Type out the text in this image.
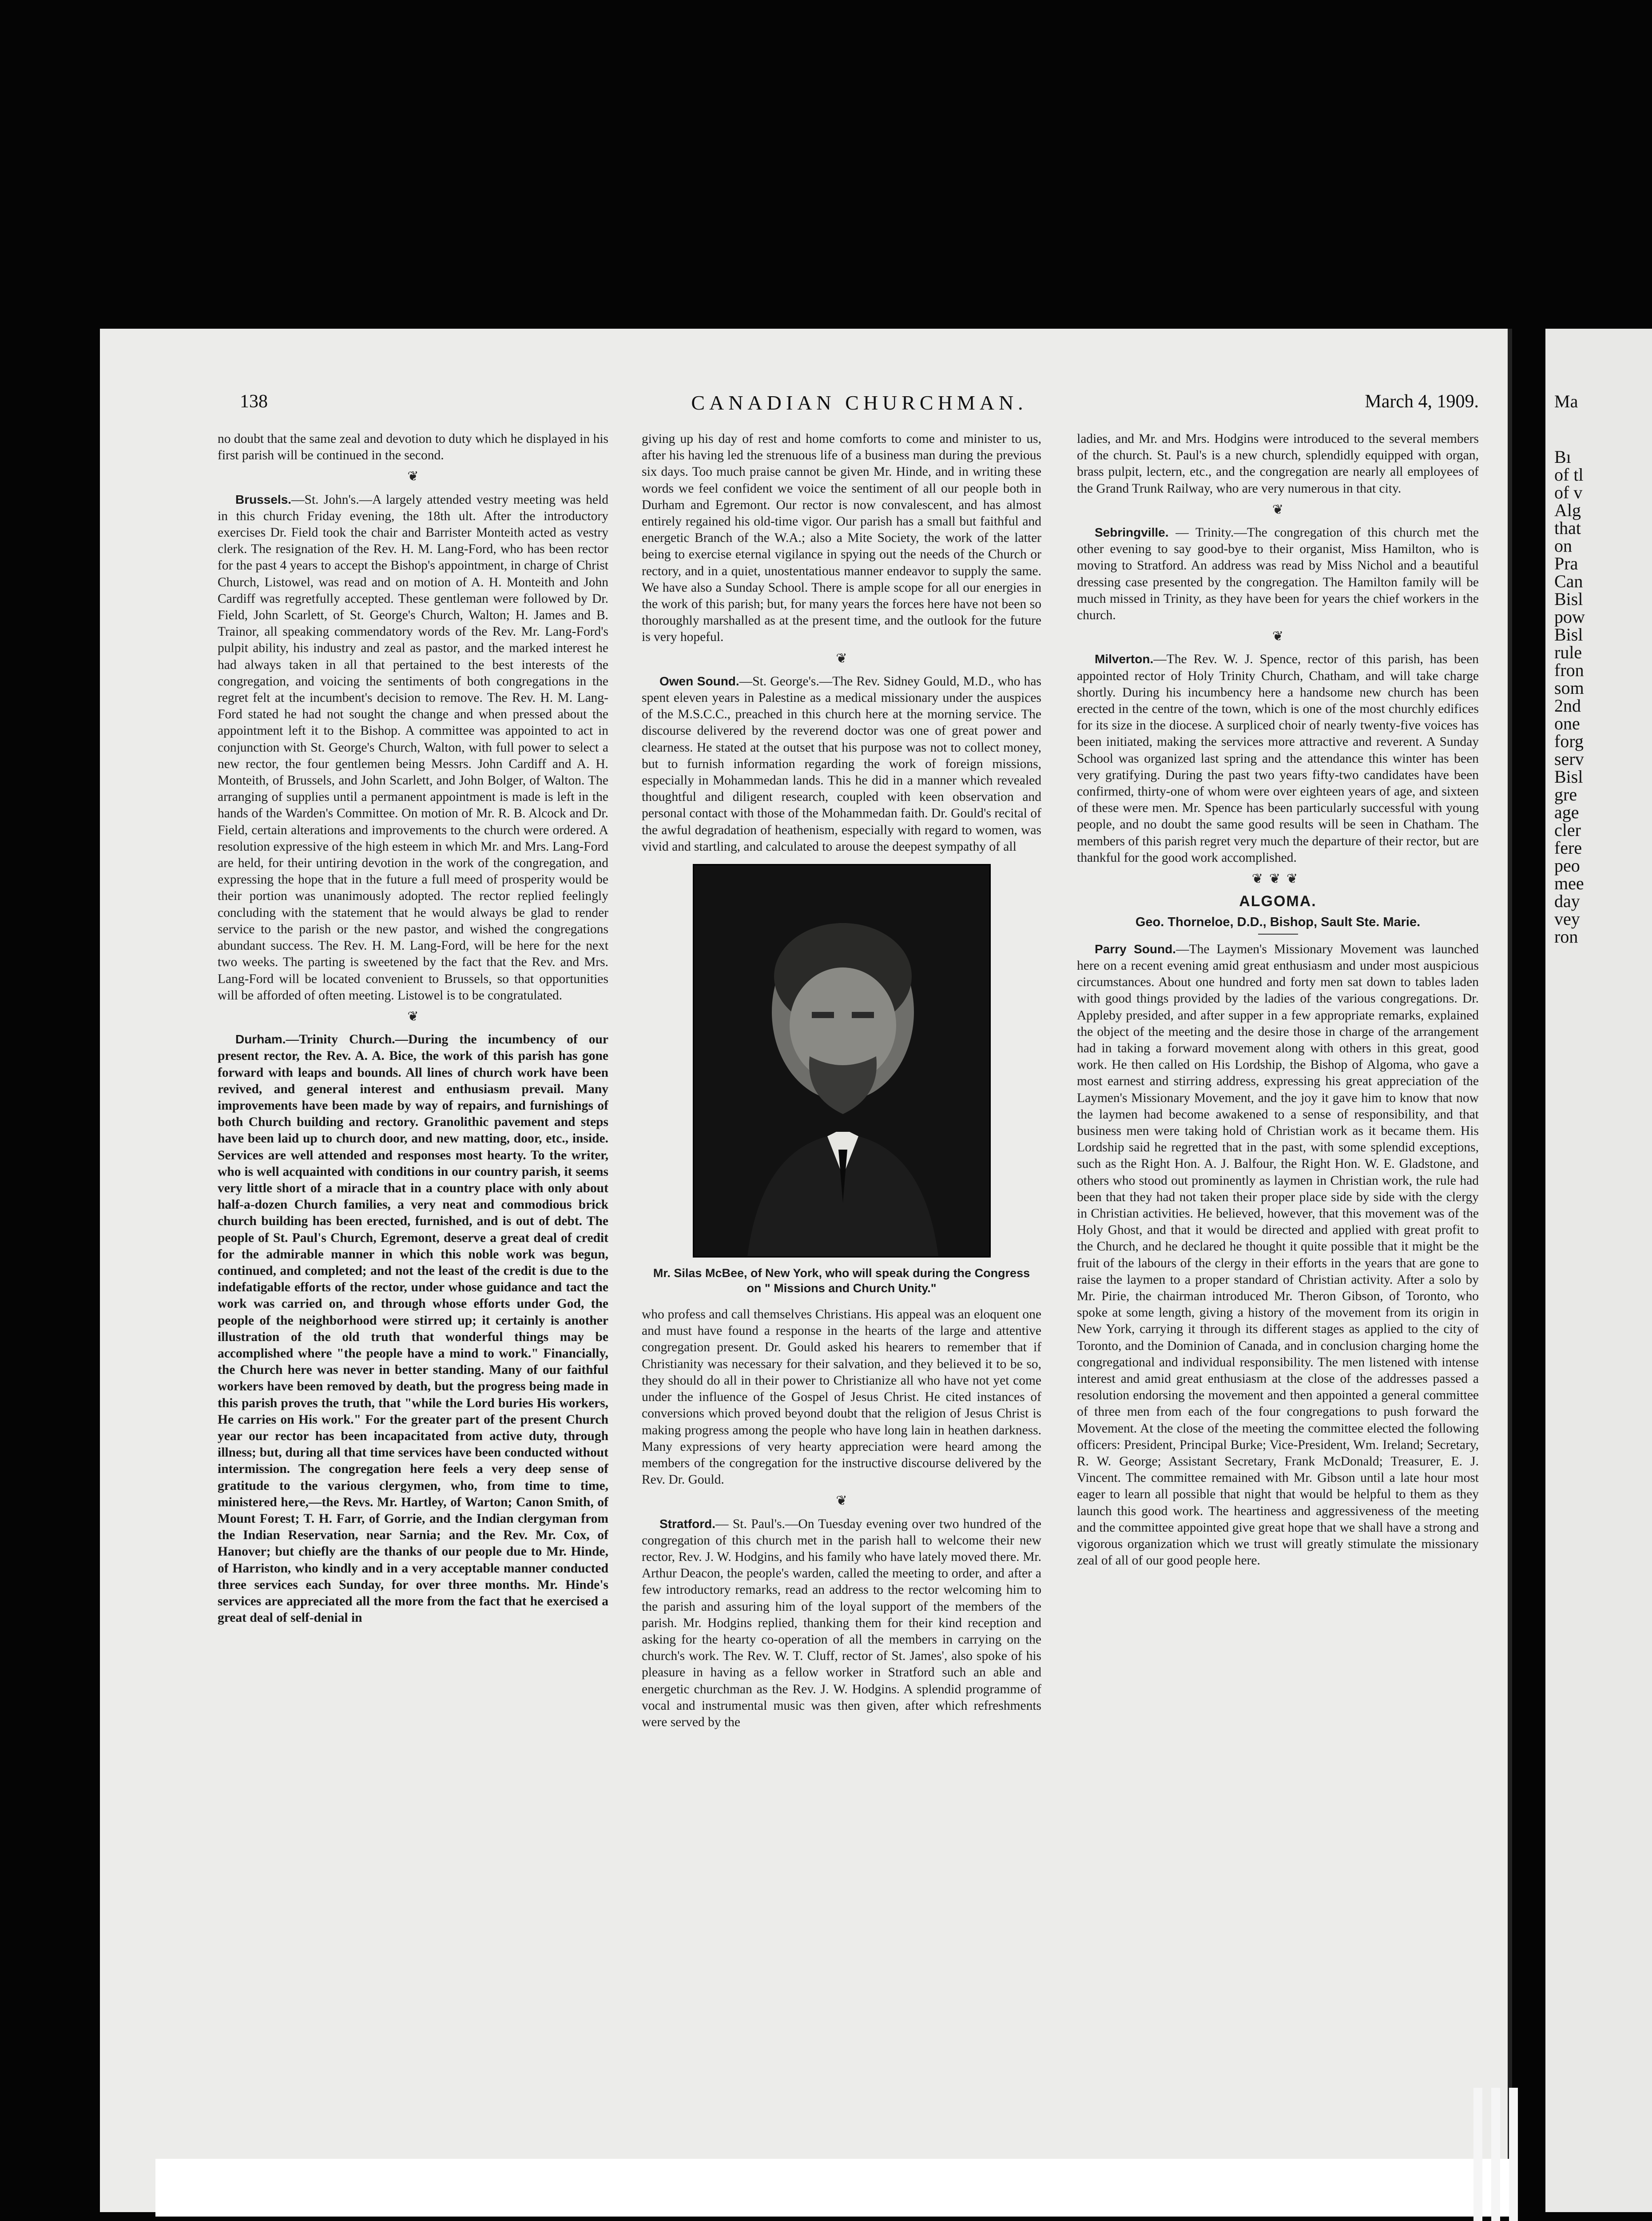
Ma
Bı
of tl
of v
Alg
that
on
Pra
Can
Bisl
pow
Bisl
rule
fron
som
2nd
one
forg
serv
Bisl
gre
age
cler
fere
peo
mee
day
vey
ron
138	CANADIAN CHURCHMAN.	March 4, 1909.

no doubt that the same zeal and devotion to duty which he displayed in his first parish will be continued in the second.

❦

Brussels.—St. John's.—A largely attended vestry meeting was held in this church Friday evening, the 18th ult. After the introductory exercises Dr. Field took the chair and Barrister Monteith acted as vestry clerk. The resignation of the Rev. H. M. Lang-Ford, who has been rector for the past 4 years to accept the Bishop's appointment, in charge of Christ Church, Listowel, was read and on motion of A. H. Monteith and John Cardiff was regretfully accepted. These gentleman were followed by Dr. Field, John Scarlett, of St. George's Church, Walton; H. James and B. Trainor, all speaking commendatory words of the Rev. Mr. Lang-Ford's pulpit ability, his industry and zeal as pastor, and the marked interest he had always taken in all that pertained to the best interests of the congregation, and voicing the sentiments of both congregations in the regret felt at the incumbent's decision to remove. The Rev. H. M. Lang-Ford stated he had not sought the change and when pressed about the appointment left it to the Bishop. A committee was appointed to act in conjunction with St. George's Church, Walton, with full power to select a new rector, the four gentlemen being Messrs. John Cardiff and A. H. Monteith, of Brussels, and John Scarlett, and John Bolger, of Walton. The arranging of supplies until a permanent appointment is made is left in the hands of the Warden's Committee. On motion of Mr. R. B. Alcock and Dr. Field, certain alterations and improvements to the church were ordered. A resolution expressive of the high esteem in which Mr. and Mrs. Lang-Ford are held, for their untiring devotion in the work of the congregation, and expressing the hope that in the future a full meed of prosperity would be their portion was unanimously adopted. The rector replied feelingly concluding with the statement that he would always be glad to render service to the parish or the new pastor, and wished the congregations abundant success. The Rev. H. M. Lang-Ford, will be here for the next two weeks. The parting is sweetened by the fact that the Rev. and Mrs. Lang-Ford will be located convenient to Brussels, so that opportunities will be afforded of often meeting. Listowel is to be congratulated.

❦

Durham.—Trinity Church.—During the incumbency of our present rector, the Rev. A. A. Bice, the work of this parish has gone forward with leaps and bounds. All lines of church work have been revived, and general interest and enthusiasm prevail. Many improvements have been made by way of repairs, and furnishings of both Church building and rectory. Granolithic pavement and steps have been laid up to church door, and new matting, door, etc., inside. Services are well attended and responses most hearty. To the writer, who is well acquainted with conditions in our country parish, it seems very little short of a miracle that in a country place with only about half-a-dozen Church families, a very neat and commodious brick church building has been erected, furnished, and is out of debt. The people of St. Paul's Church, Egremont, deserve a great deal of credit for the admirable manner in which this noble work was begun, continued, and completed; and not the least of the credit is due to the indefatigable efforts of the rector, under whose guidance and tact the work was carried on, and through whose efforts under God, the people of the neighborhood were stirred up; it certainly is another illustration of the old truth that wonderful things may be accomplished where "the people have a mind to work." Financially, the Church here was never in better standing. Many of our faithful workers have been removed by death, but the progress being made in this parish proves the truth, that "while the Lord buries His workers, He carries on His work." For the greater part of the present Church year our rector has been incapacitated from active duty, through illness; but, during all that time services have been conducted without intermission. The congregation here feels a very deep sense of gratitude to the various clergymen, who, from time to time, ministered here,—the Revs. Mr. Hartley, of Warton; Canon Smith, of Mount Forest; T. H. Farr, of Gorrie, and the Indian clergyman from the Indian Reservation, near Sarnia; and the Rev. Mr. Cox, of Hanover; but chiefly are the thanks of our people due to Mr. Hinde, of Harriston, who kindly and in a very acceptable manner conducted three services each Sunday, for over three months. Mr. Hinde's services are appreciated all the more from the fact that he exercised a great deal of self-denial in

giving up his day of rest and home comforts to come and minister to us, after his having led the strenuous life of a business man during the previous six days. Too much praise cannot be given Mr. Hinde, and in writing these words we feel confident we voice the sentiment of all our people both in Durham and Egremont. Our rector is now convalescent, and has almost entirely regained his old-time vigor. Our parish has a small but faithful and energetic Branch of the W.A.; also a Mite Society, the work of the latter being to exercise eternal vigilance in spying out the needs of the Church or rectory, and in a quiet, unostentatious manner endeavor to supply the same. We have also a Sunday School. There is ample scope for all our energies in the work of this parish; but, for many years the forces here have not been so thoroughly marshalled as at the present time, and the outlook for the future is very hopeful.

❦

Owen Sound.—St. George's.—The Rev. Sidney Gould, M.D., who has spent eleven years in Palestine as a medical missionary under the auspices of the M.S.C.C., preached in this church here at the morning service. The discourse delivered by the reverend doctor was one of great power and clearness. He stated at the outset that his purpose was not to collect money, but to furnish information regarding the work of foreign missions, especially in Mohammedan lands. This he did in a manner which revealed thoughtful and diligent research, coupled with keen observation and personal contact with those of the Mohammedan faith. Dr. Gould's recital of the awful degradation of heathenism, especially with regard to women, was vivid and startling, and calculated to arouse the deepest sympathy of all

Mr. Silas McBee, of New York, who will speak during the Congress on " Missions and Church Unity."

who profess and call themselves Christians. His appeal was an eloquent one and must have found a response in the hearts of the large and attentive congregation present. Dr. Gould asked his hearers to remember that if Christianity was necessary for their salvation, and they believed it to be so, they should do all in their power to Christianize all who have not yet come under the influence of the Gospel of Jesus Christ. He cited instances of conversions which proved beyond doubt that the religion of Jesus Christ is making progress among the people who have long lain in heathen darkness. Many expressions of very hearty appreciation were heard among the members of the congregation for the instructive discourse delivered by the Rev. Dr. Gould.

❦

Stratford.— St. Paul's.—On Tuesday evening over two hundred of the congregation of this church met in the parish hall to welcome their new rector, Rev. J. W. Hodgins, and his family who have lately moved there. Mr. Arthur Deacon, the people's warden, called the meeting to order, and after a few introductory remarks, read an address to the rector welcoming him to the parish and assuring him of the loyal support of the members of the parish. Mr. Hodgins replied, thanking them for their kind reception and asking for the hearty co-operation of all the members in carrying on the church's work. The Rev. W. T. Cluff, rector of St. James', also spoke of his pleasure in having as a fellow worker in Stratford such an able and energetic churchman as the Rev. J. W. Hodgins. A splendid programme of vocal and instrumental music was then given, after which refreshments were served by the

ladies, and Mr. and Mrs. Hodgins were introduced to the several members of the church. St. Paul's is a new church, splendidly equipped with organ, brass pulpit, lectern, etc., and the congregation are nearly all employees of the Grand Trunk Railway, who are very numerous in that city.

❦

Sebringville. — Trinity.—The congregation of this church met the other evening to say good-bye to their organist, Miss Hamilton, who is moving to Stratford. An address was read by Miss Nichol and a beautiful dressing case presented by the congregation. The Hamilton family will be much missed in Trinity, as they have been for years the chief workers in the church.

❦

Milverton.—The Rev. W. J. Spence, rector of this parish, has been appointed rector of Holy Trinity Church, Chatham, and will take charge shortly. During his incumbency here a handsome new church has been erected in the centre of the town, which is one of the most churchly edifices for its size in the diocese. A surpliced choir of nearly twenty-five voices has been initiated, making the services more attractive and reverent. A Sunday School was organized last spring and the attendance this winter has been very gratifying. During the past two years fifty-two candidates have been confirmed, thirty-one of whom were over eighteen years of age, and sixteen of these were men. Mr. Spence has been particularly successful with young people, and no doubt the same good results will be seen in Chatham. The members of this parish regret very much the departure of their rector, but are thankful for the good work accomplished.

❦❦❦
ALGOMA.
Geo. Thorneloe, D.D., Bishop, Sault Ste. Marie.

Parry Sound.—The Laymen's Missionary Movement was launched here on a recent evening amid great enthusiasm and under most auspicious circumstances. About one hundred and forty men sat down to tables laden with good things provided by the ladies of the various congregations. Dr. Appleby presided, and after supper in a few appropriate remarks, explained the object of the meeting and the desire those in charge of the arrangement had in taking a forward movement along with others in this great, good work. He then called on His Lordship, the Bishop of Algoma, who gave a most earnest and stirring address, expressing his great appreciation of the Laymen's Missionary Movement, and the joy it gave him to know that now the laymen had become awakened to a sense of responsibility, and that business men were taking hold of Christian work as it became them. His Lordship said he regretted that in the past, with some splendid exceptions, such as the Right Hon. A. J. Balfour, the Right Hon. W. E. Gladstone, and others who stood out prominently as laymen in Christian work, the rule had been that they had not taken their proper place side by side with the clergy in Christian activities. He believed, however, that this movement was of the Holy Ghost, and that it would be directed and applied with great profit to the Church, and he declared he thought it quite possible that it might be the fruit of the labours of the clergy in their efforts in the years that are gone to raise the laymen to a proper standard of Christian activity. After a solo by Mr. Pirie, the chairman introduced Mr. Theron Gibson, of Toronto, who spoke at some length, giving a history of the movement from its origin in New York, carrying it through its different stages as applied to the city of Toronto, and the Dominion of Canada, and in conclusion charging home the congregational and individual responsibility. The men listened with intense interest and amid great enthusiasm at the close of the addresses passed a resolution endorsing the movement and then appointed a general committee of three men from each of the four congregations to push forward the Movement. At the close of the meeting the committee elected the following officers: President, Principal Burke; Vice-President, Wm. Ireland; Secretary, R. W. George; Assistant Secretary, Frank McDonald; Treasurer, E. J. Vincent. The committee remained with Mr. Gibson until a late hour most eager to learn all possible that night that would be helpful to them as they launch this good work. The heartiness and aggressiveness of the meeting and the committee appointed give great hope that we shall have a strong and vigorous organization which we trust will greatly stimulate the missionary zeal of all of our good people here.
